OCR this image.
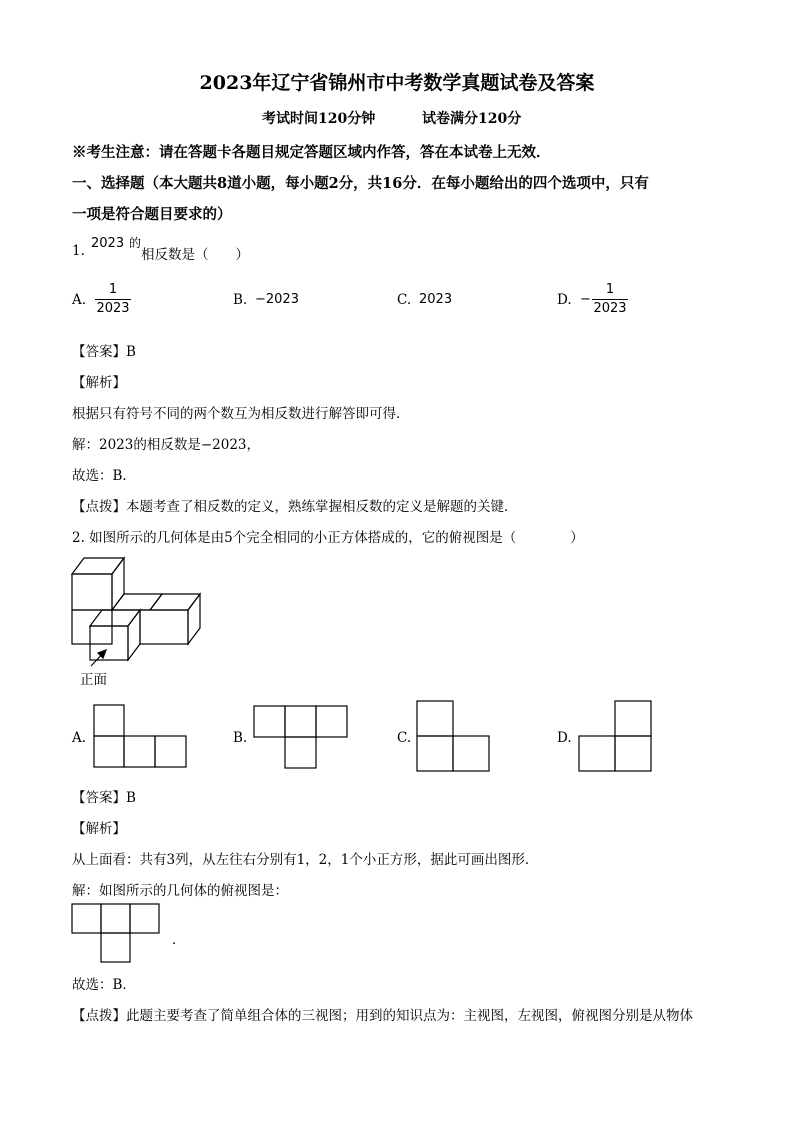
2023年辽宁省锦州市中考数学真题试卷及答案
考试时间120分钟	试卷满分120分
※考生注意：请在答题卡各题目规定答题区域内作答，答在本试卷上无效．
一、选择题（本大题共8道小题，每小题2分，共16分．在每小题给出的四个选项中，只有
一项是符合题目要求的）
1. 2023 的
相反数是（　　）
A.
1
2023
B. −2023	C. 2023	D. −
1
2023
【答案】B
【解析】
根据只有符号不同的两个数互为相反数进行解答即可得．
解：2023的相反数是−2023，
故选：B．
【点拨】本题考查了相反数的定义，熟练掌握相反数的定义是解题的关键．
2. 如图所示的几何体是由5个完全相同的小正方体搭成的，它的俯视图是（　　　　）
正面
A.	B.	C.	D.
【答案】B
【解析】
从上面看：共有3列，从左往右分别有1，2，1个小正方形，据此可画出图形．
解：如图所示的几何体的俯视图是：
．
故选：B．
【点拨】此题主要考查了简单组合体的三视图；用到的知识点为：主视图，左视图，俯视图分别是从物体
